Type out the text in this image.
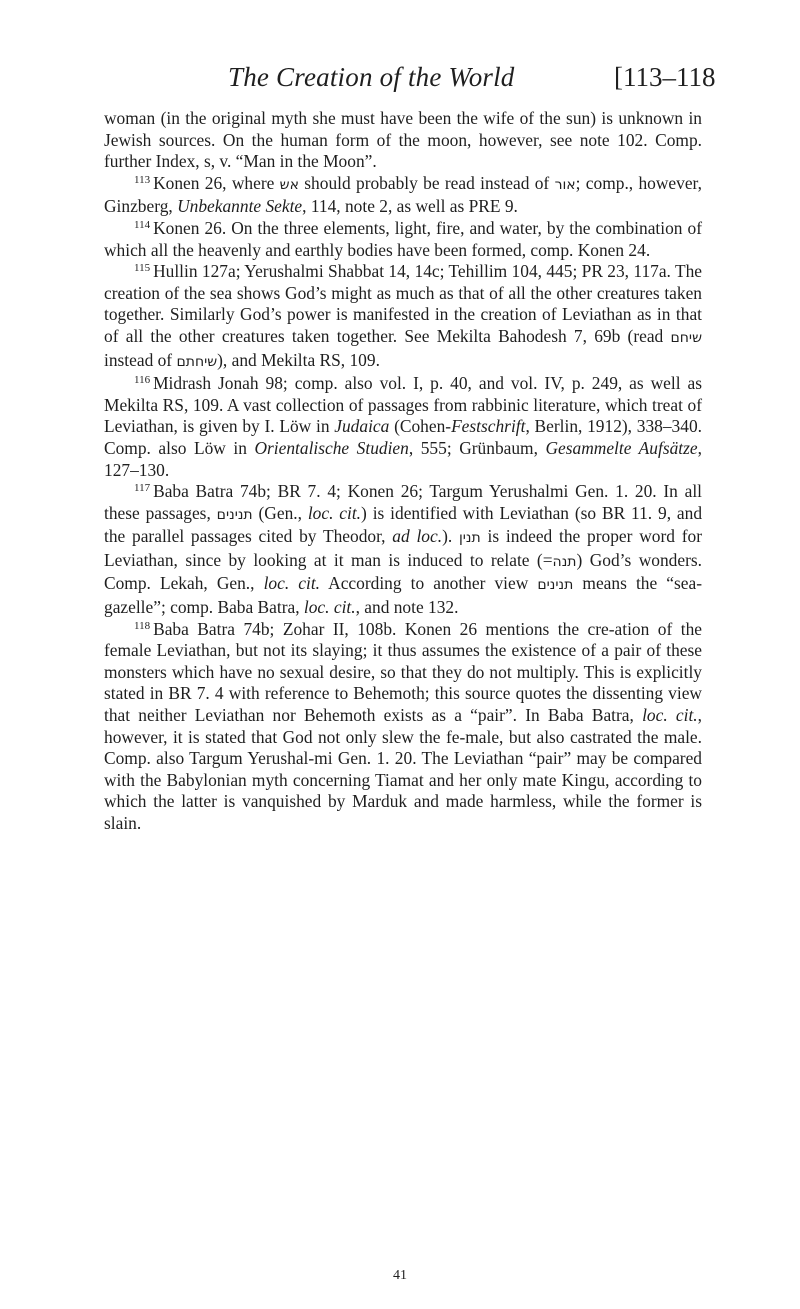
The Creation of the World	[113–118

woman (in the original myth she must have been the wife of the sun) is unknown in Jewish sources. On the human form of the moon, however, see note 102. Comp. further Index, s, v. “Man in the Moon”.

$^{113}$ Konen 26, where אש should probably be read instead of אור; comp., however, Ginzberg, Unbekannte Sekte, 114, note 2, as well as PRE 9.

$^{114}$ Konen 26. On the three elements, light, fire, and water, by the combination of which all the heavenly and earthly bodies have been formed, comp. Konen 24.

$^{115}$ Hullin 127a; Yerushalmi Shabbat 14, 14c; Tehillim 104, 445; PR 23, 117a. The creation of the sea shows God’s might as much as that of all the other creatures taken together. Similarly God’s power is manifested in the creation of Leviathan as in that of all the other creatures taken together. See Mekilta Bahodesh 7, 69b (read שיחם instead of שיחתם), and Mekilta RS, 109.

$^{116}$ Midrash Jonah 98; comp. also vol. I, p. 40, and vol. IV, p. 249, as well as Mekilta RS, 109. A vast collection of passages from rabbinic literature, which treat of Leviathan, is given by I. Löw in Judaica (Cohen-Festschrift, Berlin, 1912), 338–340. Comp. also Löw in Orientalische Studien, 555; Grünbaum, Gesammelte Aufsätze, 127–130.

$^{117}$ Baba Batra 74b; BR 7. 4; Konen 26; Targum Yerushalmi Gen. 1. 20. In all these passages, תנינים (Gen., loc. cit.) is identified with Leviathan (so BR 11. 9, and the parallel passages cited by Theodor, ad loc.). תנין is indeed the proper word for Leviathan, since by looking at it man is induced to relate (=תנה) God’s wonders. Comp. Lekah, Gen., loc. cit. According to another view תנינים means the “sea-gazelle”; comp. Baba Batra, loc. cit., and note 132.

$^{118}$ Baba Batra 74b; Zohar II, 108b. Konen 26 mentions the cre-ation of the female Leviathan, but not its slaying; it thus assumes the existence of a pair of these monsters which have no sexual desire, so that they do not multiply. This is explicitly stated in BR 7. 4 with reference to Behemoth; this source quotes the dissenting view that neither Leviathan nor Behemoth exists as a “pair”. In Baba Batra, loc. cit., however, it is stated that God not only slew the fe-male, but also castrated the male. Comp. also Targum Yerushal-mi Gen. 1. 20. The Leviathan “pair” may be compared with the Babylonian myth concerning Tiamat and her only mate Kingu, according to which the latter is vanquished by Marduk and made harmless, while the former is slain.

41
